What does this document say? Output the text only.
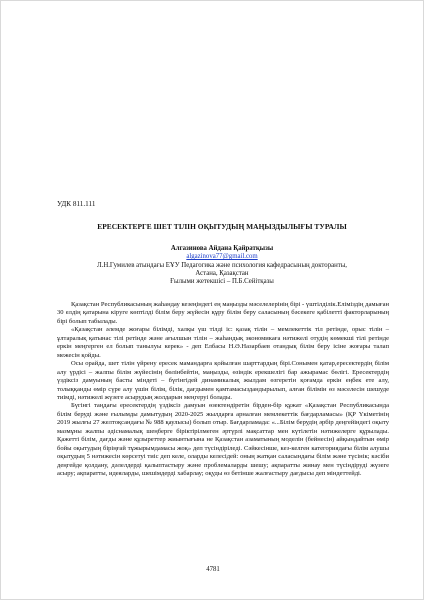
УДК 811.111
ЕРЕСЕКТЕРГЕ ШЕТ ТІЛІН ОҚЫТУДЫҢ МАҢЫЗДЫЛЫҒЫ ТУРАЛЫ
Алгазинова Айдана Қайратқызы
algazinova77@gmail.com
Л.Н.Гумилев атындағы ЕҰУ Педагогика және психология кафедрасының докторанты,
Астана, Қазақстан
Ғылыми жетекшісі – П.Б.Сейітқазы

Қазақстан Республикасының жаһандау кезеңіндегі ең маңызды мәселелерінің бірі - үштілділік.Еліміздің дамыған 30 елдің қатарына кіруге көптілді білім беру жүйесін құру білім беру саласының бәсекеге қабілетті факторларының бірі болып табылады.

«Қазақстан әлемде жоғары білімді, халқы үш тілді іс: қазақ тілін – мемлекеттік тіл ретінде, орыс тілін – ұлтаралық қатынас тілі ретінде және ағылшын тілін – жаһандық экономикаға нәтижелі отудің көмекші тілі ретінде еркін меңгерген ел болып танылуы керек» - деп Елбасы Н.Ә.Назарбаев отандық білім беру ісіне жоғары талап межесін қойды.

Осы орайда, шет тілін үйрену ересек мамандарға қойылған шарттардың бірі.Сонымен қатар,ересектердің білім алу үрдісі – жалпы білім жүйесінің бөлінбейтін, маңызды, өзіндік ерекшелігі бар ажырамас бөлігі. Ересектердің үздіксіз дамуының басты міндеті – бүгінгідей динамикалық жылдам өзгеретін қоғамда еркін еңбек ете алу, толыққанды өмір сүре алу үшін білім, білік, дағдымен қамтамасыздандырылып, алған білімін өз мәселесін шешуде тиімді, нәтижелі жүзеге асырудың жолдарын меңгеруі болады.

Бүгінгі таңдағы ересектердің үздіксіз дамуын өзектендіретін бірден-бір құжат «Қазақстан Республикасында білім беруді және ғылымды дамытудың 2020-2025 жылдарға арналған мемлекеттік бағдарламасы» (ҚР Үкіметінің 2019 жылғы 27 желтоқсандағы № 988 қаулысы) болып отыр. Бағдарламада: «...Білім берудің әрбір деңгейіндегі оқыту мазмұны жалпы әдіснамалық шеңберге біріктірілмеген әртүрлі мақсаттар мен күтілетін нәтижелерге құрылады. Қажетті білім, дағды және құзыреттер жиынтығына не Қазақстан азаматының моделін (бейнесін) айқындайтын өмір бойы оқытудың біріңғай тұжырымдамасы жоқ» деп түсіндіріледі. Сәйкесінше, кез-келген категориядағы білім алушы оқытудың 5 нәтижесін көрсетуі тиіс деп келе, оларды келесідей: оның жатқан саласындағы білім және түсінік; кәсіби деңгейде қолдану, дәлелдерді қалыптастыру және проблемаларды шешу; ақпаратты жинау мен түсіндіруді жүзеге асыру; ақпаратты, идеяларды, шешімдерді хабарлау; оқуды өз бетінше жалғастыру дағдысы деп міндеттейді.

4781
